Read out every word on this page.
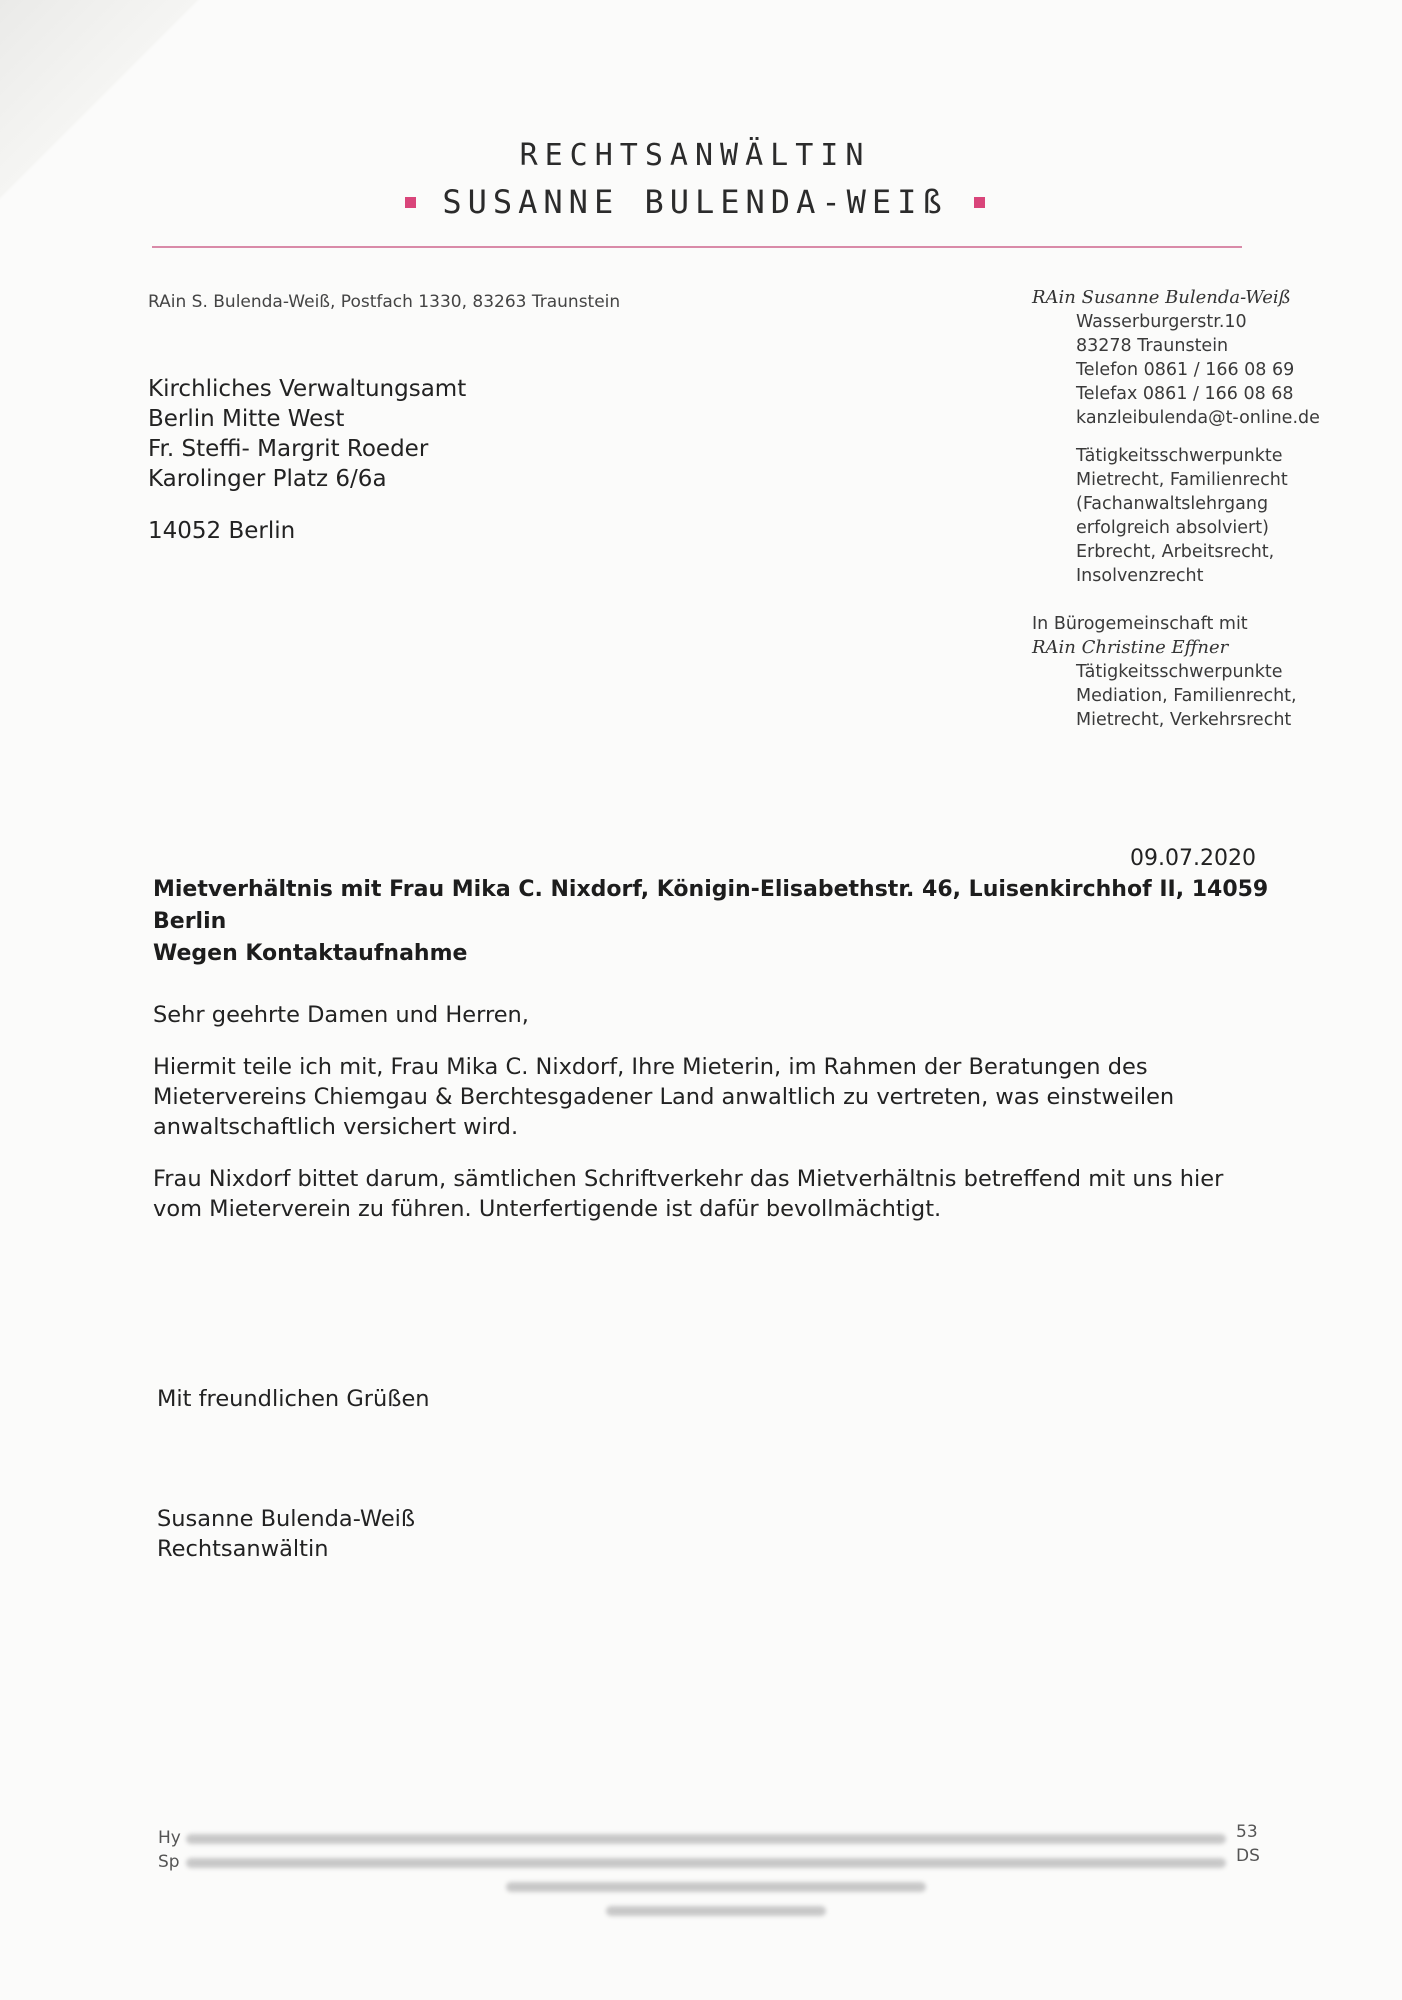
RECHTSANWÄLTIN
SUSANNE BULENDA-WEIß
RAin S. Bulenda-Weiß, Postfach 1330, 83263 Traunstein
Kirchliches Verwaltungsamt
Berlin Mitte West
Fr. Steffi- Margrit Roeder
Karolinger Platz 6/6a
14052 Berlin
RAin Susanne Bulenda-Weiß
Wasserburgerstr.10
83278 Traunstein
Telefon 0861 / 166 08 69
Telefax 0861 / 166 08 68
kanzleibulenda@t-online.de
Tätigkeitsschwerpunkte
Mietrecht, Familienrecht
(Fachanwaltslehrgang
erfolgreich absolviert)
Erbrecht, Arbeitsrecht,
Insolvenzrecht
In Bürogemeinschaft mit
RAin Christine Effner
Tätigkeitsschwerpunkte
Mediation, Familienrecht,
Mietrecht, Verkehrsrecht
09.07.2020
Mietverhältnis mit Frau Mika C. Nixdorf, Königin-Elisabethstr. 46, Luisenkirchhof II, 14059 Berlin
Wegen Kontaktaufnahme

Sehr geehrte Damen und Herren,

Hiermit teile ich mit, Frau Mika C. Nixdorf, Ihre Mieterin, im Rahmen der Beratungen des Mietervereins Chiemgau & Berchtesgadener Land anwaltlich zu vertreten, was einstweilen anwaltschaftlich versichert wird.

Frau Nixdorf bittet darum, sämtlichen Schriftverkehr das Mietverhältnis betreffend mit uns hier vom Mieterverein zu führen. Unterfertigende ist dafür bevollmächtigt.

Mit freundlichen Grüßen
Susanne Bulenda-Weiß
Rechtsanwältin
Hy
Sp
53
DS
